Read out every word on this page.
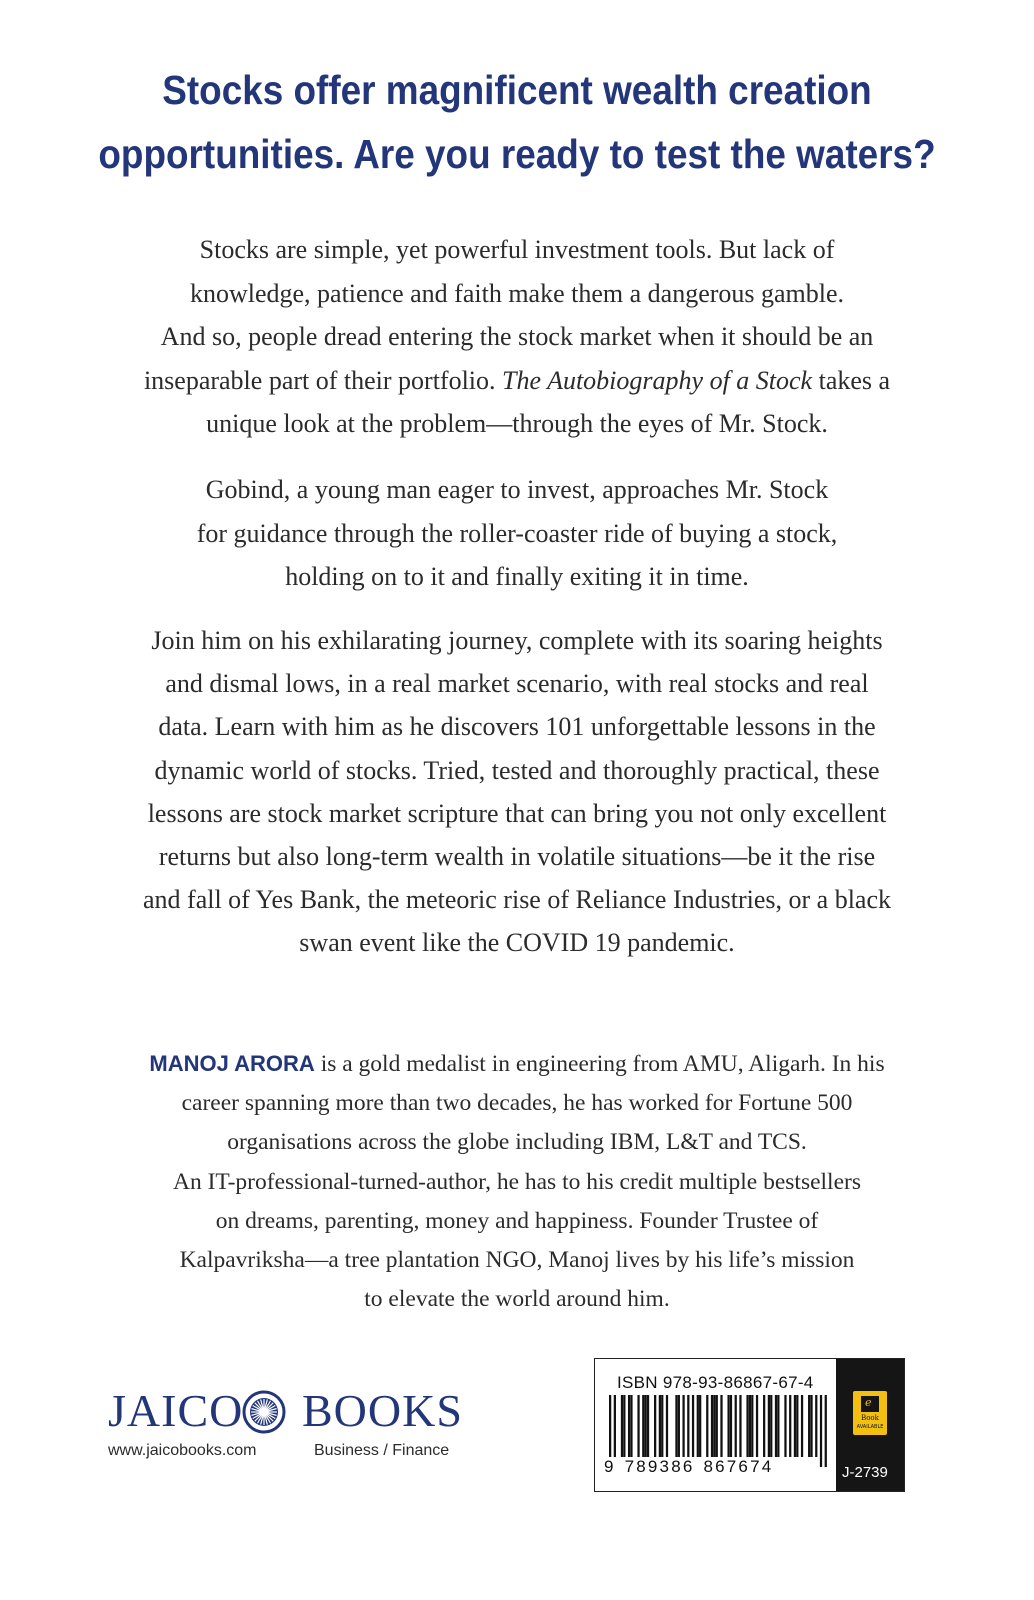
Stocks offer magnificent wealth creation
opportunities. Are you ready to test the waters?
Stocks are simple, yet powerful investment tools. But lack of
knowledge, patience and faith make them a dangerous gamble.
And so, people dread entering the stock market when it should be an
inseparable part of their portfolio. The Autobiography of a Stock takes a
unique look at the problem—through the eyes of Mr. Stock.
Gobind, a young man eager to invest, approaches Mr. Stock
for guidance through the roller-coaster ride of buying a stock,
holding on to it and finally exiting it in time.
Join him on his exhilarating journey, complete with its soaring heights
and dismal lows, in a real market scenario, with real stocks and real
data. Learn with him as he discovers 101 unforgettable lessons in the
dynamic world of stocks. Tried, tested and thoroughly practical, these
lessons are stock market scripture that can bring you not only excellent
returns but also long-term wealth in volatile situations—be it the rise
and fall of Yes Bank, the meteoric rise of Reliance Industries, or a black
swan event like the COVID 19 pandemic.
MANOJ ARORA is a gold medalist in engineering from AMU, Aligarh. In his
career spanning more than two decades, he has worked for Fortune 500
organisations across the globe including IBM, L&T and TCS.
An IT-professional-turned-author, he has to his credit multiple bestsellers
on dreams, parenting, money and happiness. Founder Trustee of
Kalpavriksha—a tree plantation NGO, Manoj lives by his life’s mission
to elevate the world around him.
JAICO BOOKS
www.jaicobooks.com	Business / Finance
ISBN 978-93-86867-67-4
9 789386 867674
e
Book
AVAILABLE
J-2739
